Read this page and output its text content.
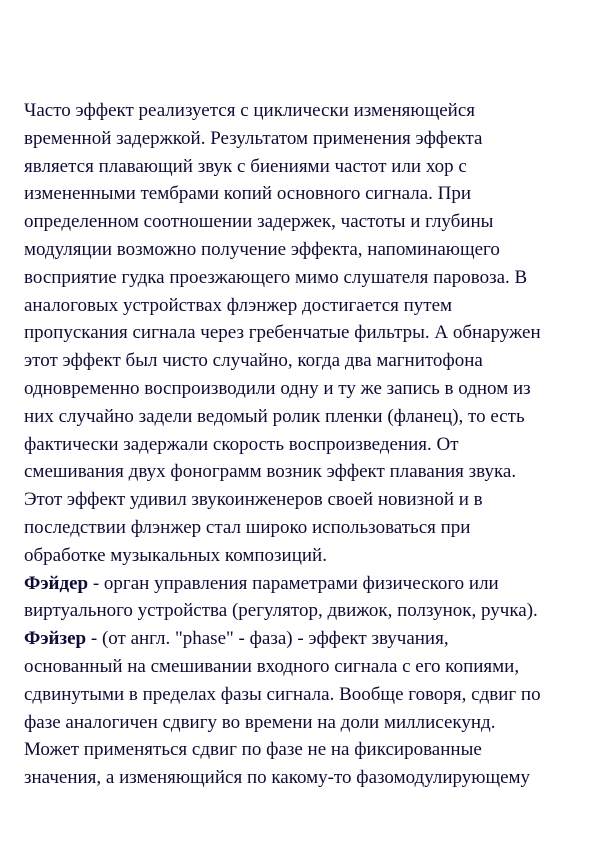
Часто эффект реализуется с циклически изменяющейся
временной задержкой. Результатом применения эффекта
является плавающий звук с биениями частот или хор с
измененными тембрами копий основного сигнала. При
определенном соотношении задержек, частоты и глубины
модуляции возможно получение эффекта, напоминающего
восприятие гудка проезжающего мимо слушателя паровоза. В
аналоговых устройствах флэнжер достигается путем
пропускания сигнала через гребенчатые фильтры. А обнаружен
этот эффект был чисто случайно, когда два магнитофона
одновременно воспроизводили одну и ту же запись в одном из
них случайно задели ведомый ролик пленки (фланец), то есть
фактически задержали скорость воспроизведения. От
смешивания двух фонограмм возник эффект плавания звука.
Этот эффект удивил звукоинженеров своей новизной и в
последствии флэнжер стал широко использоваться при
обработке музыкальных композиций.
Фэйдер - орган управления параметрами физического или
виртуального устройства (регулятор, движок, ползунок, ручка).
Фэйзер - (от англ. "phase" - фаза) - эффект звучания,
основанный на смешивании входного сигнала с его копиями,
сдвинутыми в пределах фазы сигнала. Вообще говоря, сдвиг по
фазе аналогичен сдвигу во времени на доли миллисекунд.
Может применяться сдвиг по фазе не на фиксированные
значения, а изменяющийся по какому-то фазомодулирующему
